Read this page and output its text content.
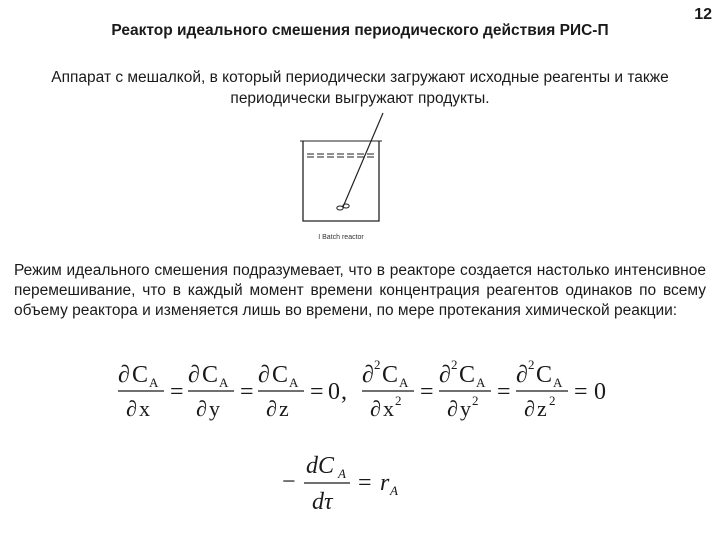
12
Реактор идеального смешения периодического действия РИС-П
Аппарат с мешалкой, в который периодически загружают исходные реагенты и также периодически выгружают продукты.
I Batch reactor
Режим идеального смешения подразумевает, что в реакторе создается настолько интенсивное перемешивание, что в каждый момент времени концентрация реагентов одинаков по всему объему реактора и изменяется лишь во времени, по мере протекания химической реакции:
∂ C A
∂ x
=
∂ C A
∂ y
=
∂ C A
∂ z
= 0 ,
∂ 2 C A
∂ x 2 =
∂ 2 C A
∂ y 2 =
∂ 2 C A
∂ z 2 = 0
−
dC A
dτ
= r A
